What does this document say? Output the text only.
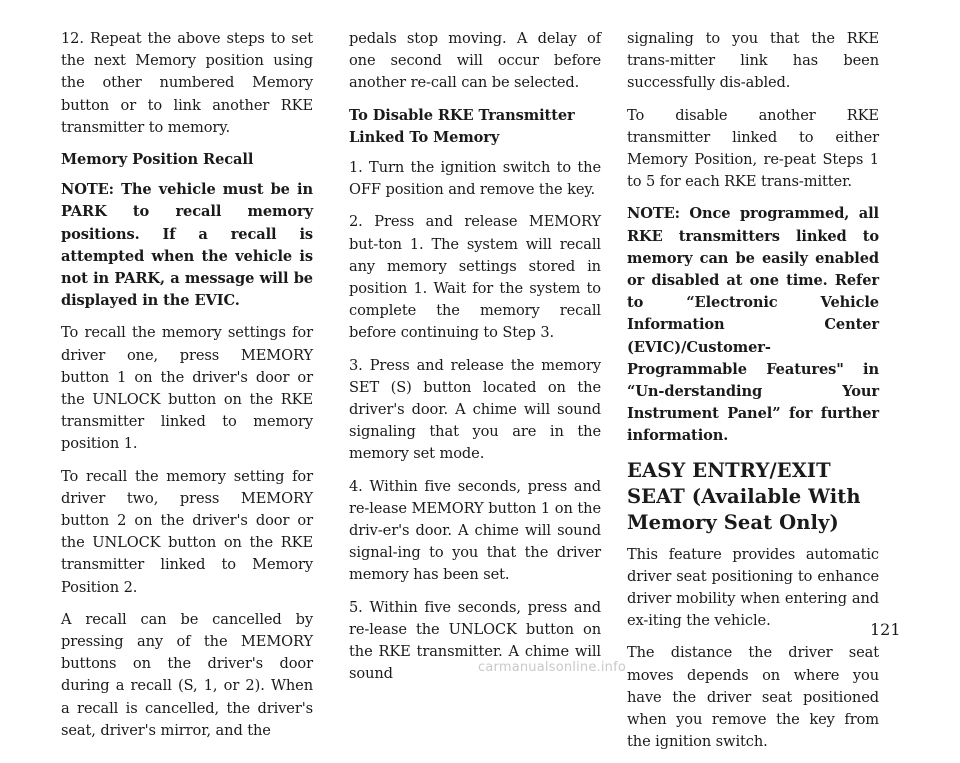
12. Repeat the above steps to set the next Memory position using the other numbered Memory button or to link another RKE transmitter to memory.

Memory Position Recall

NOTE: The vehicle must be in PARK to recall memory positions. If a recall is attempted when the vehicle is not in PARK, a message will be displayed in the EVIC.

To recall the memory settings for driver one, press MEMORY button 1 on the driver's door or the UNLOCK button on the RKE transmitter linked to memory position 1.

To recall the memory setting for driver two, press MEMORY button 2 on the driver's door or the UNLOCK button on the RKE transmitter linked to Memory Position 2.

A recall can be cancelled by pressing any of the MEMORY buttons on the driver's door during a recall (S, 1, or 2). When a recall is cancelled, the driver's seat, driver's mirror, and the

pedals stop moving. A delay of one second will occur before another re-call can be selected.

To Disable RKE Transmitter Linked To Memory

1. Turn the ignition switch to the OFF position and remove the key.

2. Press and release MEMORY but-ton 1. The system will recall any memory settings stored in position 1. Wait for the system to complete the memory recall before continuing to Step 3.

3. Press and release the memory SET (S) button located on the driver's door. A chime will sound signaling that you are in the memory set mode.

4. Within five seconds, press and re-lease MEMORY button 1 on the driv-er's door. A chime will sound signal-ing to you that the driver memory has been set.

5. Within five seconds, press and re-lease the UNLOCK button on the RKE transmitter. A chime will sound

signaling to you that the RKE trans-mitter link has been successfully dis-abled.

To disable another RKE transmitter linked to either Memory Position, re-peat Steps 1 to 5 for each RKE trans-mitter.

NOTE: Once programmed, all RKE transmitters linked to memory can be easily enabled or disabled at one time. Refer to “Electronic Vehicle Information Center (EVIC)/Customer-Programmable Features" in “Un-derstanding Your Instrument Panel” for further information.

EASY ENTRY/EXIT SEAT (Available With Memory Seat Only)

This feature provides automatic driver seat positioning to enhance driver mobility when entering and ex-iting the vehicle.

The distance the driver seat moves depends on where you have the driver seat positioned when you remove the key from the ignition switch.

121
carmanualsonline.info
